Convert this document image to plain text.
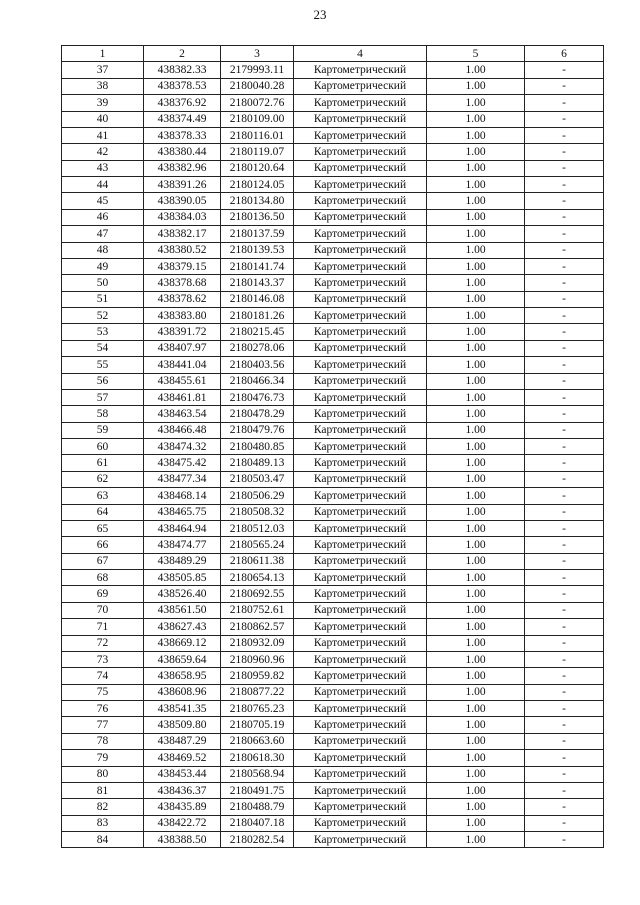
23
1	2	3	4	5	6
37	438382.33	2179993.11	Картометрический	1.00	-
38	438378.53	2180040.28	Картометрический	1.00	-
39	438376.92	2180072.76	Картометрический	1.00	-
40	438374.49	2180109.00	Картометрический	1.00	-
41	438378.33	2180116.01	Картометрический	1.00	-
42	438380.44	2180119.07	Картометрический	1.00	-
43	438382.96	2180120.64	Картометрический	1.00	-
44	438391.26	2180124.05	Картометрический	1.00	-
45	438390.05	2180134.80	Картометрический	1.00	-
46	438384.03	2180136.50	Картометрический	1.00	-
47	438382.17	2180137.59	Картометрический	1.00	-
48	438380.52	2180139.53	Картометрический	1.00	-
49	438379.15	2180141.74	Картометрический	1.00	-
50	438378.68	2180143.37	Картометрический	1.00	-
51	438378.62	2180146.08	Картометрический	1.00	-
52	438383.80	2180181.26	Картометрический	1.00	-
53	438391.72	2180215.45	Картометрический	1.00	-
54	438407.97	2180278.06	Картометрический	1.00	-
55	438441.04	2180403.56	Картометрический	1.00	-
56	438455.61	2180466.34	Картометрический	1.00	-
57	438461.81	2180476.73	Картометрический	1.00	-
58	438463.54	2180478.29	Картометрический	1.00	-
59	438466.48	2180479.76	Картометрический	1.00	-
60	438474.32	2180480.85	Картометрический	1.00	-
61	438475.42	2180489.13	Картометрический	1.00	-
62	438477.34	2180503.47	Картометрический	1.00	-
63	438468.14	2180506.29	Картометрический	1.00	-
64	438465.75	2180508.32	Картометрический	1.00	-
65	438464.94	2180512.03	Картометрический	1.00	-
66	438474.77	2180565.24	Картометрический	1.00	-
67	438489.29	2180611.38	Картометрический	1.00	-
68	438505.85	2180654.13	Картометрический	1.00	-
69	438526.40	2180692.55	Картометрический	1.00	-
70	438561.50	2180752.61	Картометрический	1.00	-
71	438627.43	2180862.57	Картометрический	1.00	-
72	438669.12	2180932.09	Картометрический	1.00	-
73	438659.64	2180960.96	Картометрический	1.00	-
74	438658.95	2180959.82	Картометрический	1.00	-
75	438608.96	2180877.22	Картометрический	1.00	-
76	438541.35	2180765.23	Картометрический	1.00	-
77	438509.80	2180705.19	Картометрический	1.00	-
78	438487.29	2180663.60	Картометрический	1.00	-
79	438469.52	2180618.30	Картометрический	1.00	-
80	438453.44	2180568.94	Картометрический	1.00	-
81	438436.37	2180491.75	Картометрический	1.00	-
82	438435.89	2180488.79	Картометрический	1.00	-
83	438422.72	2180407.18	Картометрический	1.00	-
84	438388.50	2180282.54	Картометрический	1.00	-
